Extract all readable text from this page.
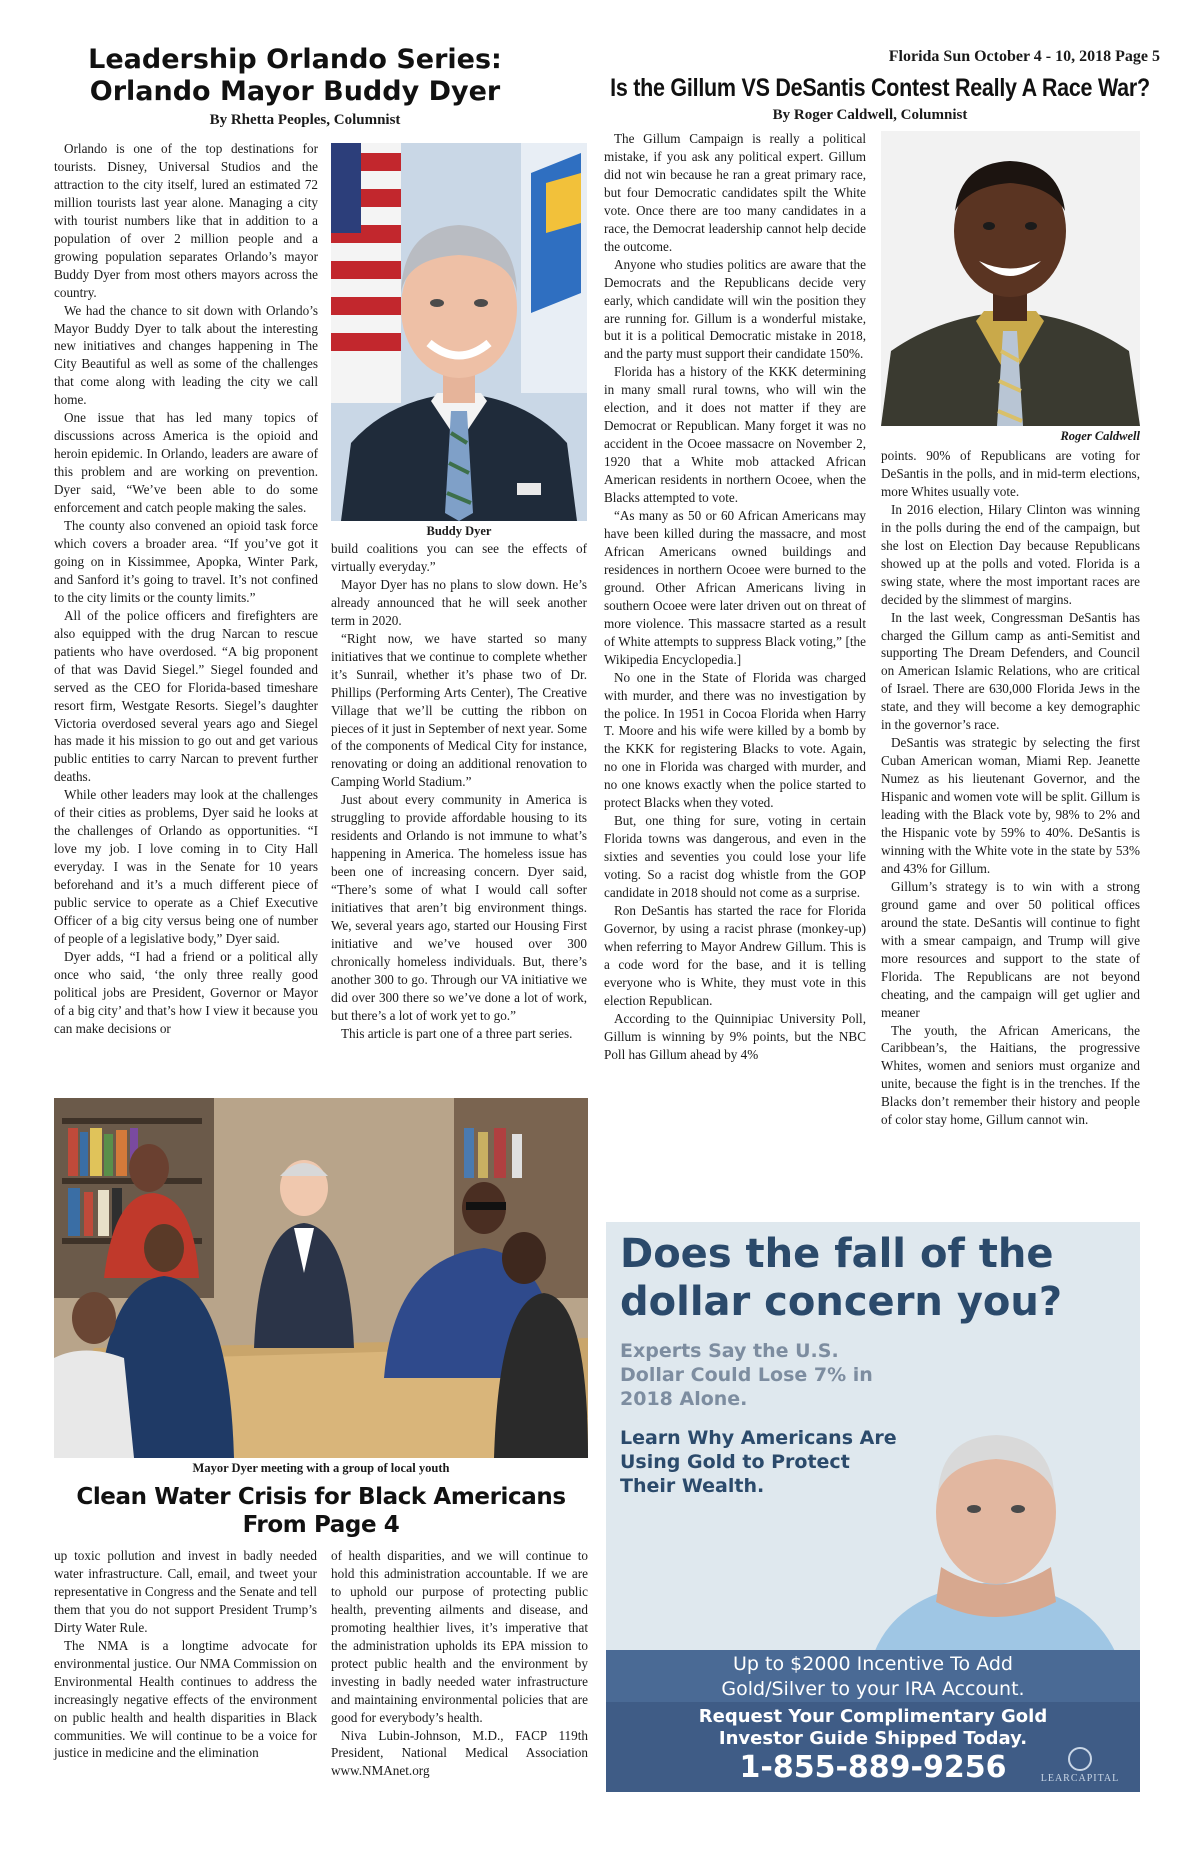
Florida Sun October 4 - 10, 2018 Page 5
Leadership Orlando Series:
Orlando Mayor Buddy Dyer
By Rhetta Peoples, Columnist

Orlando is one of the top destinations for tourists. Disney, Universal Studios and the attraction to the city itself, lured an estimated 72 million tourists last year alone. Managing a city with tourist numbers like that in addition to a population of over 2 million people and a growing population separates Orlando’s mayor Buddy Dyer from most others mayors across the country.

We had the chance to sit down with Orlando’s Mayor Buddy Dyer to talk about the interesting new initiatives and changes happening in The City Beautiful as well as some of the challenges that come along with leading the city we call home.

One issue that has led many topics of discussions across America is the opioid and heroin epidemic. In Orlando, leaders are aware of this problem and are working on prevention. Dyer said, “We’ve been able to do some enforcement and catch people making the sales.

The county also convened an opioid task force which covers a broader area. “If you’ve got it going on in Kissimmee, Apopka, Winter Park, and Sanford it’s going to travel. It’s not confined to the city limits or the county limits.”

All of the police officers and firefighters are also equipped with the drug Narcan to rescue patients who have overdosed. “A big proponent of that was David Siegel.” Siegel founded and served as the CEO for Florida-based timeshare resort firm, Westgate Resorts. Siegel’s daughter Victoria overdosed several years ago and Siegel has made it his mission to go out and get various public entities to carry Narcan to prevent further deaths.

While other leaders may look at the challenges of their cities as problems, Dyer said he looks at the challenges of Orlando as opportunities. “I love my job. I love coming in to City Hall everyday. I was in the Senate for 10 years beforehand and it’s a much different piece of public service to operate as a Chief Executive Officer of a big city versus being one of number of people of a legislative body,” Dyer said.

Dyer adds, “I had a friend or a political ally once who said, ‘the only three really good political jobs are President, Governor or Mayor of a big city’ and that’s how I view it because you can make decisions or

Buddy Dyer

build coalitions you can see the effects of virtually everyday.”

Mayor Dyer has no plans to slow down. He’s already announced that he will seek another term in 2020.

“Right now, we have started so many initiatives that we continue to complete whether it’s Sunrail, whether it’s phase two of Dr. Phillips (Performing Arts Center), The Creative Village that we’ll be cutting the ribbon on pieces of it just in September of next year. Some of the components of Medical City for instance, renovating or doing an additional renovation to Camping World Stadium.”

Just about every community in America is struggling to provide affordable housing to its residents and Orlando is not immune to what’s happening in America. The homeless issue has been one of increasing concern. Dyer said, “There’s some of what I would call softer initiatives that aren’t big environment things. We, several years ago, started our Housing First initiative and we’ve housed over 300 chronically homeless individuals. But, there’s another 300 to go. Through our VA initiative we did over 300 there so we’ve done a lot of work, but there’s a lot of work yet to go.”

This article is part one of a three part series.

Mayor Dyer meeting with a group of local youth
Clean Water Crisis for Black Americans
From Page 4

up toxic pollution and invest in badly needed water infrastructure. Call, email, and tweet your representative in Congress and the Senate and tell them that you do not support President Trump’s Dirty Water Rule.

The NMA is a longtime advocate for environmental justice. Our NMA Commission on Environmental Health continues to address the increasingly negative effects of the environment on public health and health disparities in Black communities. We will continue to be a voice for justice in medicine and the elimination

of health disparities, and we will continue to hold this administration accountable. If we are to uphold our purpose of protecting public health, preventing ailments and disease, and promoting healthier lives, it’s imperative that the administration upholds its EPA mission to protect public health and the environment by investing in badly needed water infrastructure and maintaining environmental policies that are good for everybody’s health.

Niva Lubin-Johnson, M.D., FACP 119th President, National Medical Association www.NMAnet.org

Is the Gillum VS DeSantis Contest Really A Race War?
By Roger Caldwell, Columnist

The Gillum Campaign is really a political mistake, if you ask any political expert. Gillum did not win because he ran a great primary race, but four Democratic candidates spilt the White vote. Once there are too many candidates in a race, the Democrat leadership cannot help decide the outcome.

Anyone who studies politics are aware that the Democrats and the Republicans decide very early, which candidate will win the position they are running for. Gillum is a wonderful mistake, but it is a political Democratic mistake in 2018, and the party must support their candidate 150%.

Florida has a history of the KKK determining in many small rural towns, who will win the election, and it does not matter if they are Democrat or Republican. Many forget it was no accident in the Ocoee massacre on November 2, 1920 that a White mob attacked African American residents in northern Ocoee, when the Blacks attempted to vote.

“As many as 50 or 60 African Americans may have been killed during the massacre, and most African Americans owned buildings and residences in northern Ocoee were burned to the ground. Other African Americans living in southern Ocoee were later driven out on threat of more violence. This massacre started as a result of White attempts to suppress Black voting,” [the Wikipedia Encyclopedia.]

No one in the State of Florida was charged with murder, and there was no investigation by the police. In 1951 in Cocoa Florida when Harry T. Moore and his wife were killed by a bomb by the KKK for registering Blacks to vote. Again, no one in Florida was charged with murder, and no one knows exactly when the police started to protect Blacks when they voted.

But, one thing for sure, voting in certain Florida towns was dangerous, and even in the sixties and seventies you could lose your life voting. So a racist dog whistle from the GOP candidate in 2018 should not come as a surprise.

Ron DeSantis has started the race for Florida Governor, by using a racist phrase (monkey-up) when referring to Mayor Andrew Gillum. This is a code word for the base, and it is telling everyone who is White, they must vote in this election Republican.

According to the Quinnipiac University Poll, Gillum is winning by 9% points, but the NBC Poll has Gillum ahead by 4%

Roger Caldwell

points. 90% of Republicans are voting for DeSantis in the polls, and in mid-term elections, more Whites usually vote.

In 2016 election, Hilary Clinton was winning in the polls during the end of the campaign, but she lost on Election Day because Republicans showed up at the polls and voted. Florida is a swing state, where the most important races are decided by the slimmest of margins.

In the last week, Congressman DeSantis has charged the Gillum camp as anti-Semitist and supporting The Dream Defenders, and Council on American Islamic Relations, who are critical of Israel. There are 630,000 Florida Jews in the state, and they will become a key demographic in the governor’s race.

DeSantis was strategic by selecting the first Cuban American woman, Miami Rep. Jeanette Numez as his lieutenant Governor, and the Hispanic and women vote will be split. Gillum is leading with the Black vote by, 98% to 2% and the Hispanic vote by 59% to 40%. DeSantis is winning with the White vote in the state by 53% and 43% for Gillum.

Gillum’s strategy is to win with a strong ground game and over 50 political offices around the state. DeSantis will continue to fight with a smear campaign, and Trump will give more resources and support to the state of Florida. The Republicans are not beyond cheating, and the campaign will get uglier and meaner

The youth, the African Americans, the Caribbean’s, the Haitians, the progressive Whites, women and seniors must organize and unite, because the fight is in the trenches. If the Blacks don’t remember their history and people of color stay home, Gillum cannot win.

Does the fall of the
dollar concern you?
Experts Say the U.S.
Dollar Could Lose 7% in
2018 Alone.
Learn Why Americans Are
Using Gold to Protect
Their Wealth.
Up to $2000 Incentive To Add
Gold/Silver to your IRA Account.
Request Your Complimentary Gold
Investor Guide Shipped Today.
1-855-889-9256	LEARCAPITAL
